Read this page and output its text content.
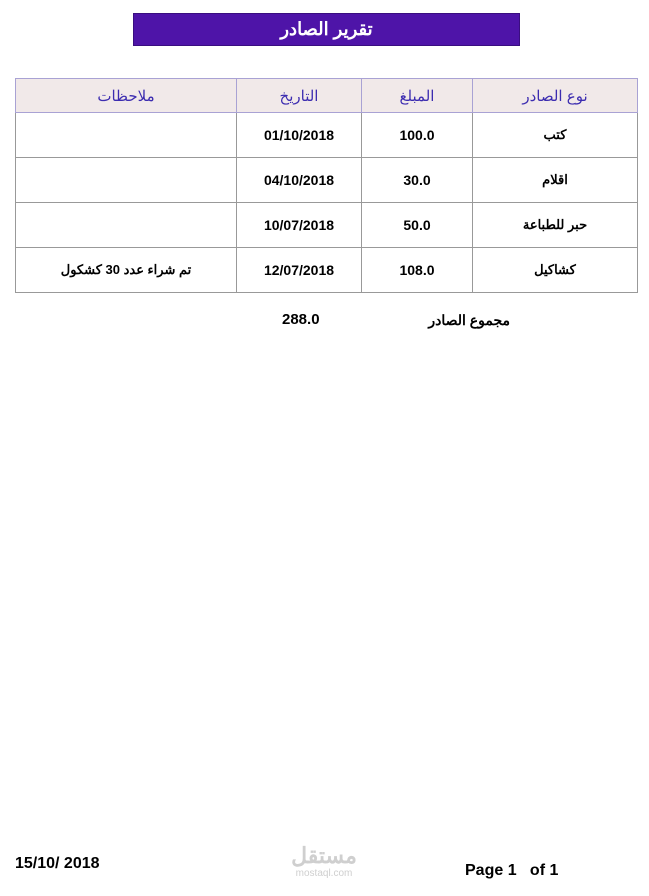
تقرير الصادر
نوع الصادر	المبلغ	التاريخ	ملاحظات
كتب	100.0	01/10/2018	
اقلام	30.0	04/10/2018	
حبر للطباعة	50.0	10/07/2018	
كشاكيل	108.0	12/07/2018	تم شراء عدد 30 كشكول
مجموع الصادر
288.0
مستقل
mostaql.com
15/10/ 2018	Page 1   of 1
